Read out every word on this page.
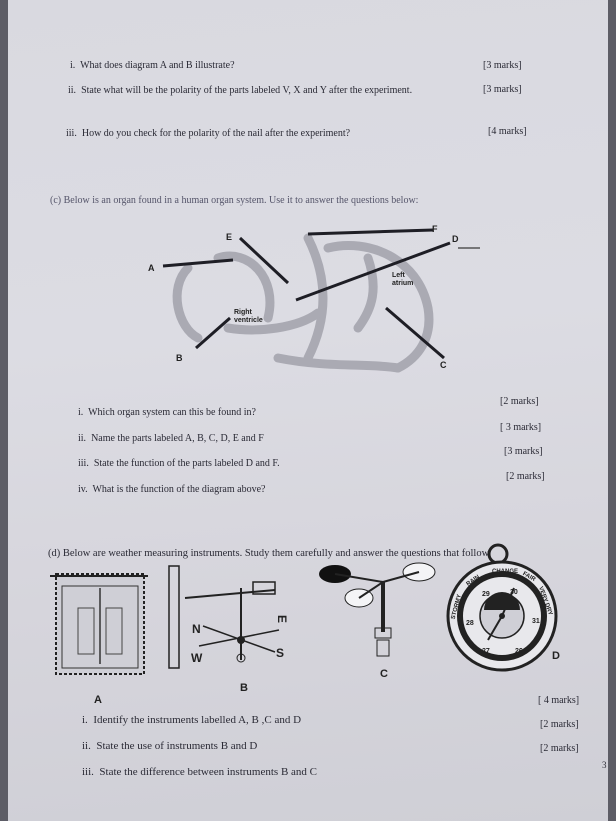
i. What does diagram A and B illustrate?	[3 marks]
ii. State what will be the polarity of the parts labeled V, X and Y after the experiment.	[3 marks]
iii. How do you check for the polarity of the nail after the experiment?	[4 marks]
(c) Below is an organ found in a human organ system. Use it to answer the questions below:
A
E
F
D
B
C
Left
atrium
Right
ventricle
i. Which organ system can this be found in?
[2 marks]
ii. Name the parts labeled A, B, C, D, E and F
[ 3 marks]
iii. State the function of the parts labeled D and F.
[3 marks]
iv. What is the function of the diagram above?
[2 marks]
(d) Below are weather measuring instruments. Study them carefully and answer the questions that follow
A
W
E
S
N
B
C
CHANGE
RAIN	FAIR
STORMY	VERY DRY
29	30
28	31
27	26	D
i. Identify the instruments labelled A, B ,C and D
[ 4 marks]
ii. State the use of instruments B and D
[2 marks]
iii. State the difference between instruments B and C
[2 marks]
3
